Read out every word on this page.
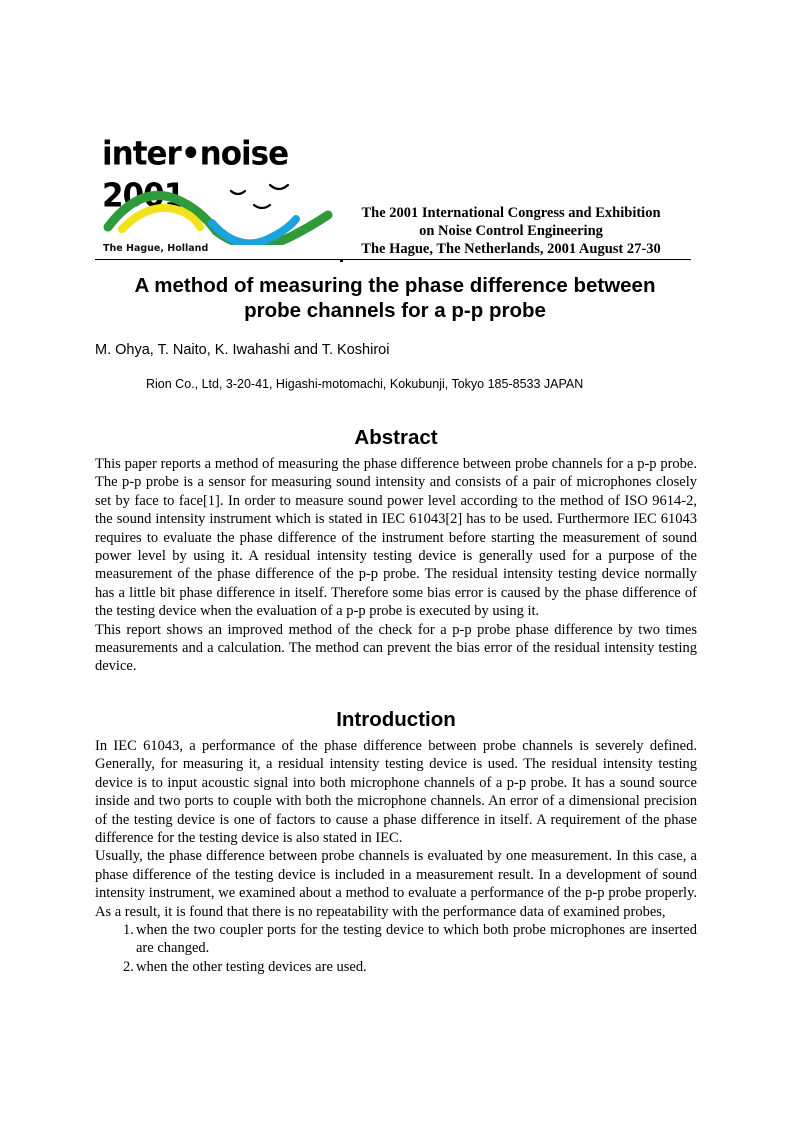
inter•noise 2001
The Hague, Holland
The 2001 International Congress and Exhibition
on Noise Control Engineering
The Hague, The Netherlands, 2001 August 27-30
A method of measuring the phase difference between
probe channels for a p-p probe
M. Ohya, T. Naito, K. Iwahashi and T. Koshiroi
Rion Co., Ltd, 3-20-41, Higashi-motomachi, Kokubunji, Tokyo 185-8533 JAPAN
Abstract

This paper reports a method of measuring the phase difference between probe channels for a p-p probe. The p-p probe is a sensor for measuring sound intensity and consists of a pair of microphones closely set by face to face[1]. In order to measure sound power level according to the method of ISO 9614-2, the sound intensity instrument which is stated in IEC 61043[2] has to be used. Furthermore IEC 61043 requires to evaluate the phase difference of the instrument before starting the measurement of sound power level by using it. A residual intensity testing device is generally used for a purpose of the measurement of the phase difference of the p-p probe. The residual intensity testing device normally has a little bit phase difference in itself. Therefore some bias error is caused by the phase difference of the testing device when the evaluation of a p-p probe is executed by using it.

This report shows an improved method of the check for a p-p probe phase difference by two times measurements and a calculation. The method can prevent the bias error of the residual intensity testing device.

Introduction

In IEC 61043, a performance of the phase difference between probe channels is severely defined. Generally, for measuring it, a residual intensity testing device is used. The residual intensity testing device is to input acoustic signal into both microphone channels of a p-p probe. It has a sound source inside and two ports to couple with both the microphone channels. An error of a dimensional precision of the testing device is one of factors to cause a phase difference in itself. A requirement of the phase difference for the testing device is also stated in IEC.

Usually, the phase difference between probe channels is evaluated by one measurement. In this case, a phase difference of the testing device is included in a measurement result. In a development of sound intensity instrument, we examined about a method to evaluate a performance of the p-p probe properly. As a result, it is found that there is no repeatability with the performance data of examined probes,

1. when the two coupler ports for the testing device to which both probe microphones are inserted are changed.
2. when the other testing devices are used.
